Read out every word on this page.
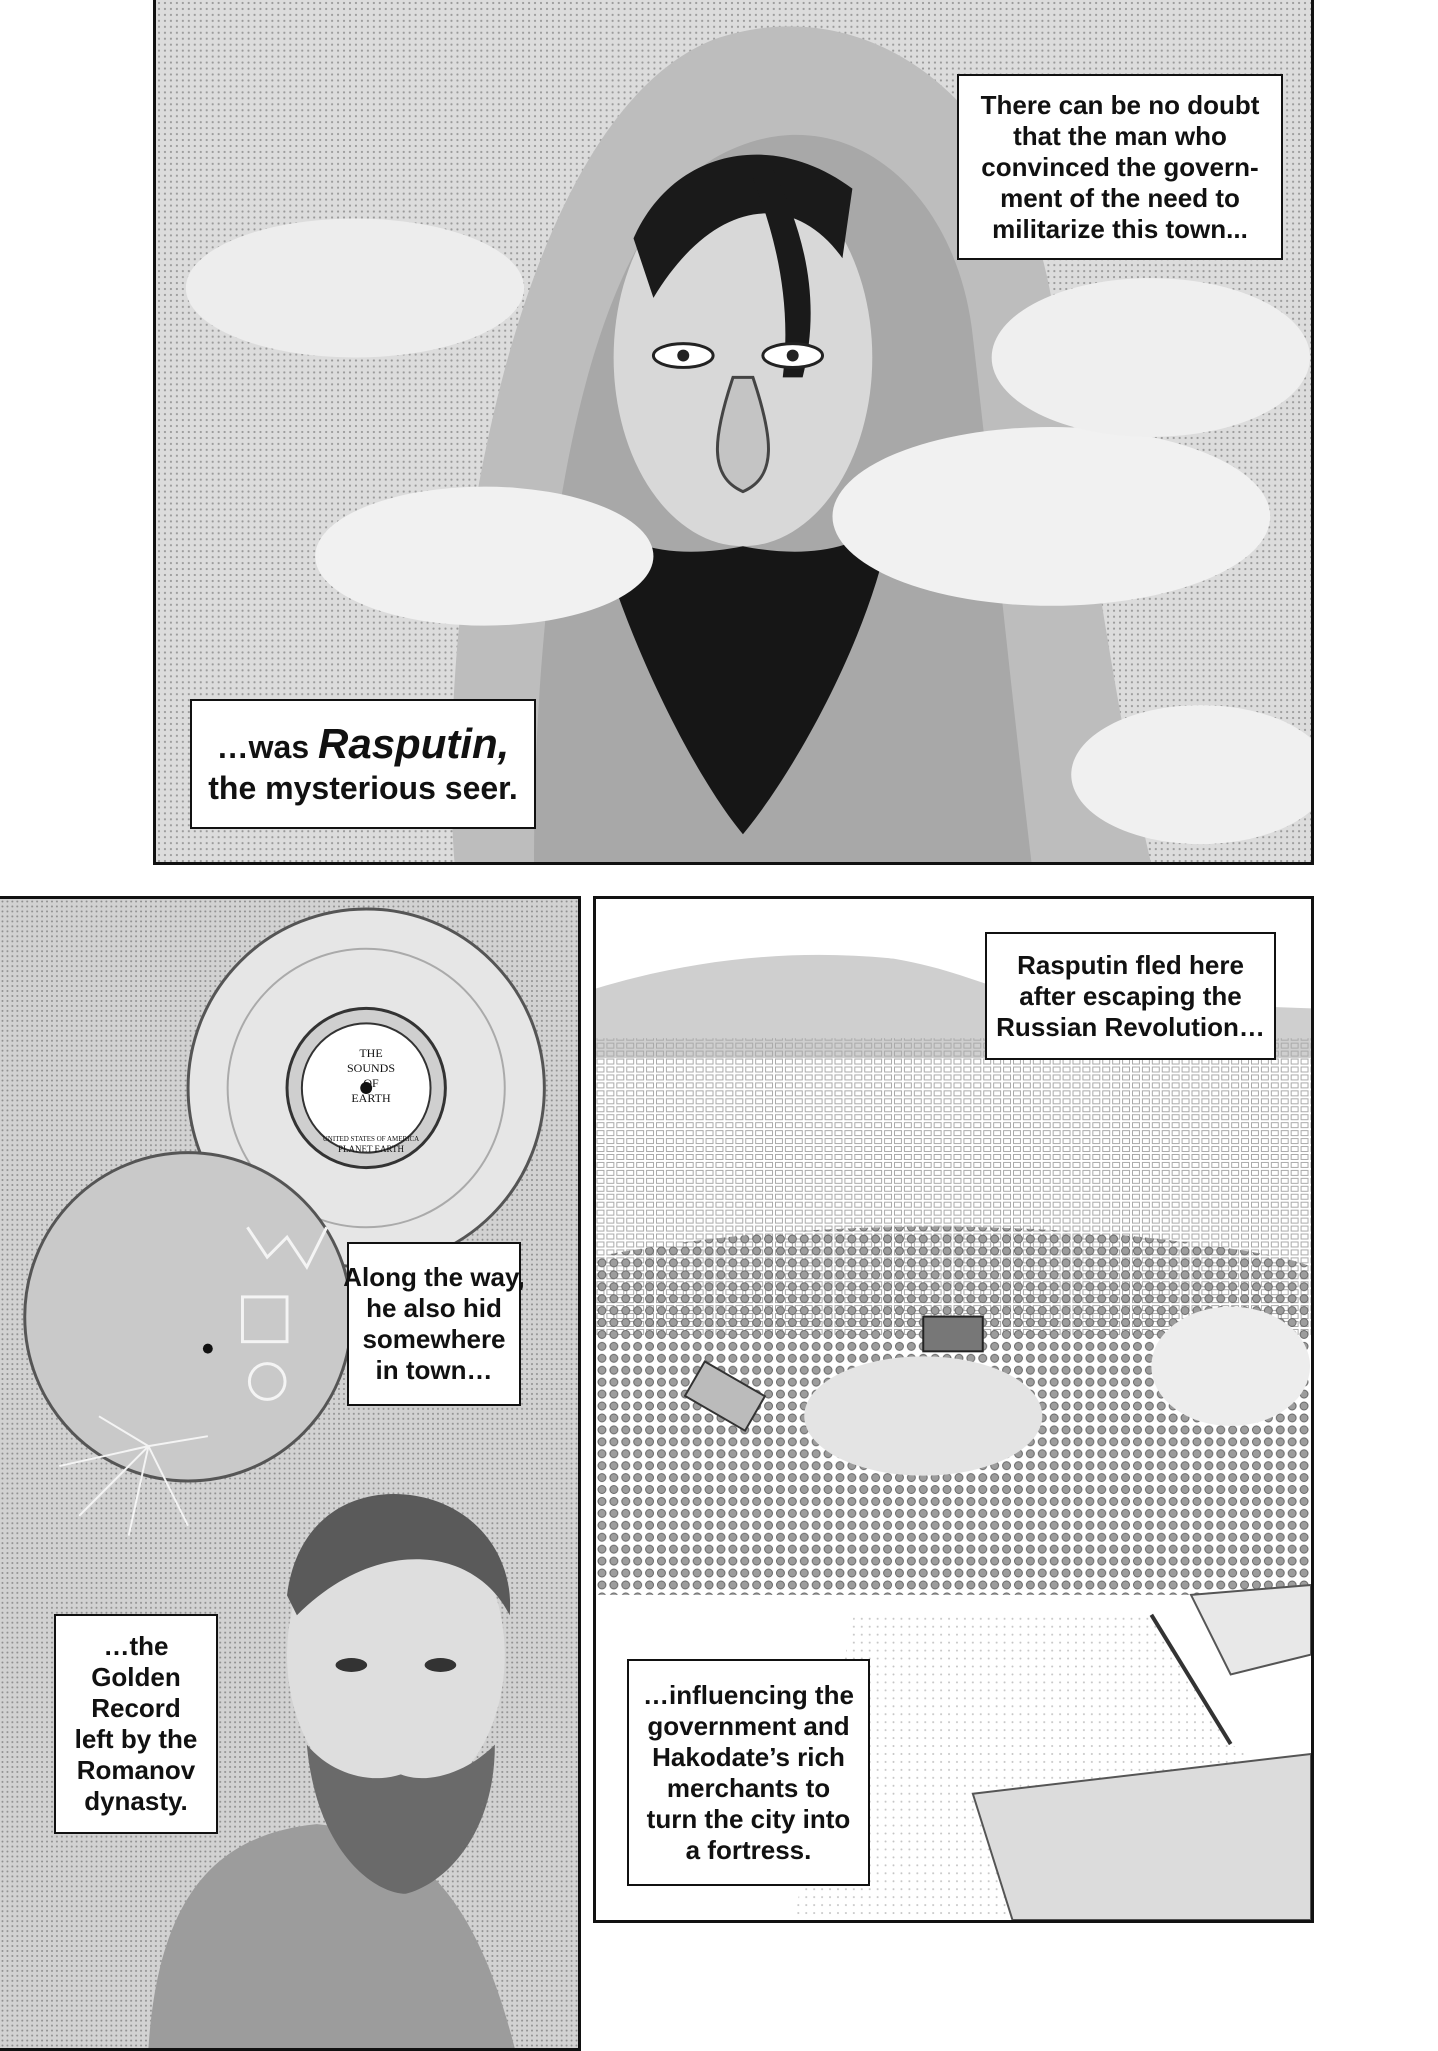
There can be no doubt
that the man who
convinced the govern-
ment of the need to
militarize this town...
…was Rasputin,
the mysterious seer.
THE
SOUNDS
OF
EARTH
UNITED STATES OF AMERICA
PLANET EARTH
Along the way,
he also hid
somewhere
in town…
…the
Golden
Record
left by the
Romanov
dynasty.
Rasputin fled here
after escaping the
Russian Revolution…
…influencing the
government and
Hakodate’s rich
merchants to
turn the city into
a fortress.
